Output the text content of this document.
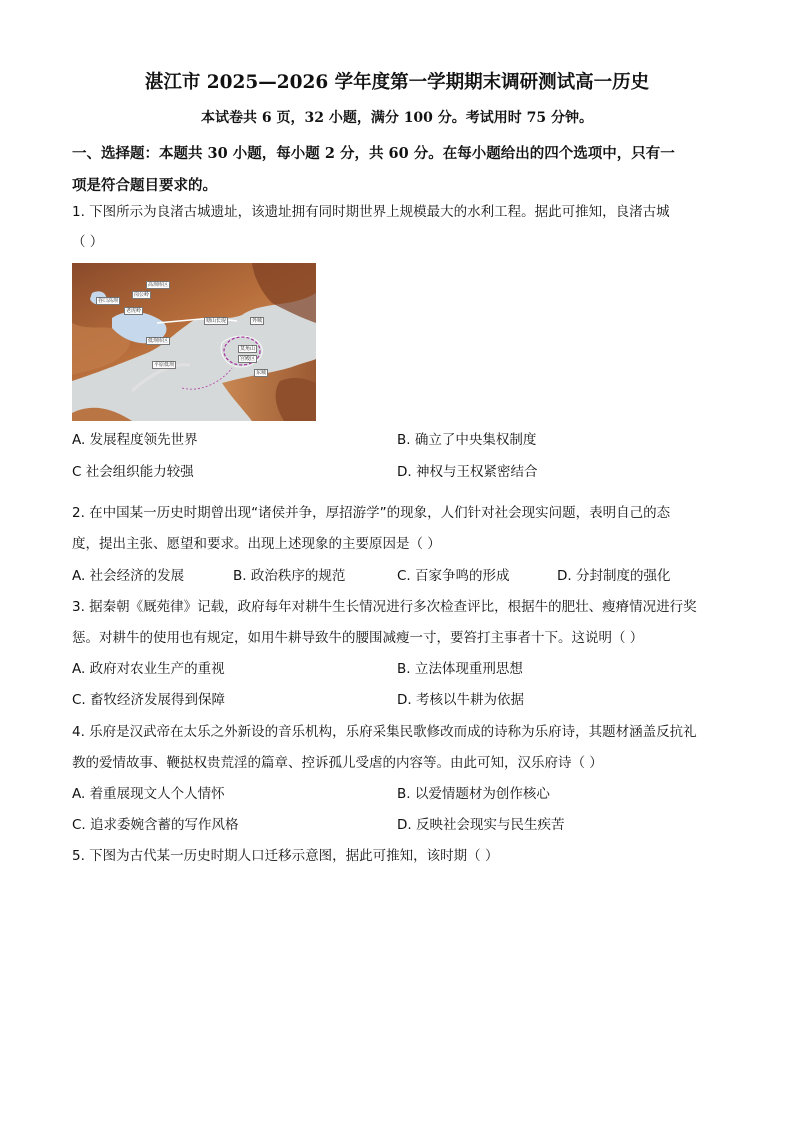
湛江市 2025—2026 学年度第一学期期末调研测试高一历史
本试卷共 6 页，32 小题，满分 100 分。考试用时 75 分钟。
一、选择题：本题共 30 小题，每小题 2 分，共 60 分。在每小题给出的四个选项中，只有一
项是符合题目要求的。
1. 下图所示为良渚古城遗址，该遗址拥有同时期世界上规模最大的水利工程。据此可推知，良渚古城
（ ）
高坝库区
岗公岭
老虎岭
谷口高坝
塘山长堤
低坝库区
平原低坝
莫角山
宫殿区
外城
东城
A. 发展程度领先世界	B. 确立了中央集权制度
C 社会组织能力较强	D. 神权与王权紧密结合
2. 在中国某一历史时期曾出现“诸侯并争，厚招游学”的现象，人们针对社会现实问题，表明自己的态
度，提出主张、愿望和要求。出现上述现象的主要原因是（ ）
A. 社会经济的发展	B. 政治秩序的规范	C. 百家争鸣的形成	D. 分封制度的强化
3. 据秦朝《厩苑律》记载，政府每年对耕牛生长情况进行多次检查评比，根据牛的肥壮、瘦瘠情况进行奖
惩。对耕牛的使用也有规定，如用牛耕导致牛的腰围减瘦一寸，要笞打主事者十下。这说明（ ）
A. 政府对农业生产的重视	B. 立法体现重刑思想
C. 畜牧经济发展得到保障	D. 考核以牛耕为依据
4. 乐府是汉武帝在太乐之外新设的音乐机构，乐府采集民歌修改而成的诗称为乐府诗，其题材涵盖反抗礼
教的爱情故事、鞭挞权贵荒淫的篇章、控诉孤儿受虐的内容等。由此可知，汉乐府诗（ ）
A. 着重展现文人个人情怀	B. 以爱情题材为创作核心
C. 追求委婉含蓄的写作风格	D. 反映社会现实与民生疾苦
5. 下图为古代某一历史时期人口迁移示意图，据此可推知，该时期（ ）
